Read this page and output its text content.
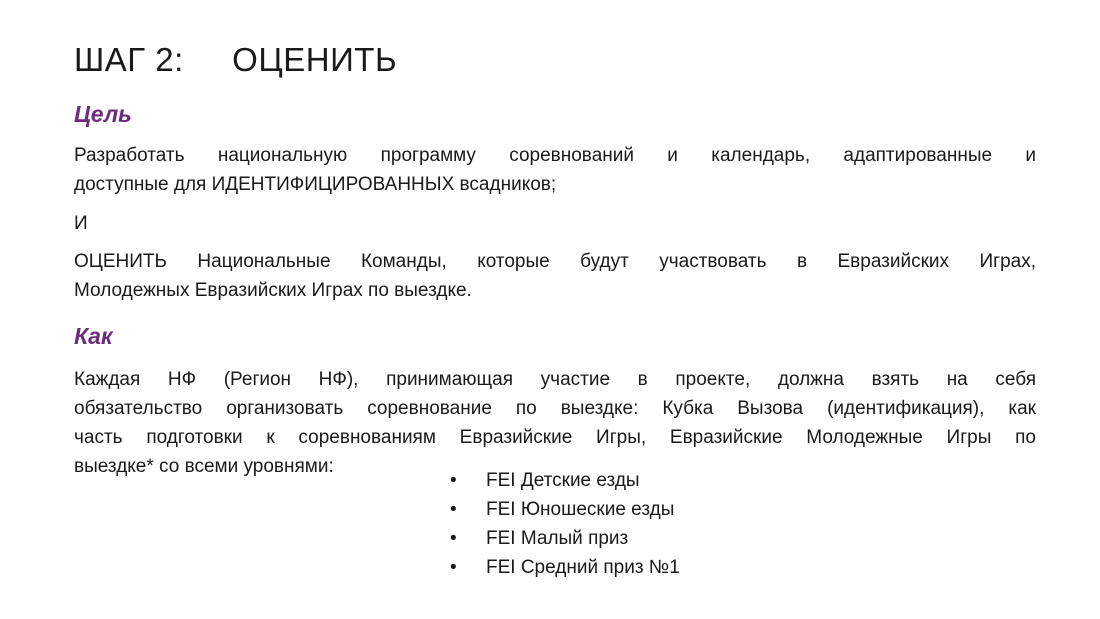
ШАГ 2:     ОЦЕНИТЬ
Цель
Разработать национальную программу соревнований и календарь, адаптированные и
доступные для ИДЕНТИФИЦИРОВАННЫХ всадников;
И
ОЦЕНИТЬ Национальные Команды, которые будут участвовать в Евразийских Играх,
Молодежных Евразийских Играх по выездке.
Как
Каждая НФ (Регион НФ), принимающая участие в проекте, должна взять на себя
обязательство организовать соревнование по выездке: Кубка Вызова (идентификация), как
часть подготовки к соревнованиям Евразийские Игры, Евразийские Молодежные Игры по
выездке* со всеми уровнями:
• FEI Детские езды
• FEI Юношеские езды
• FEI Малый приз
• FEI Средний приз №1
